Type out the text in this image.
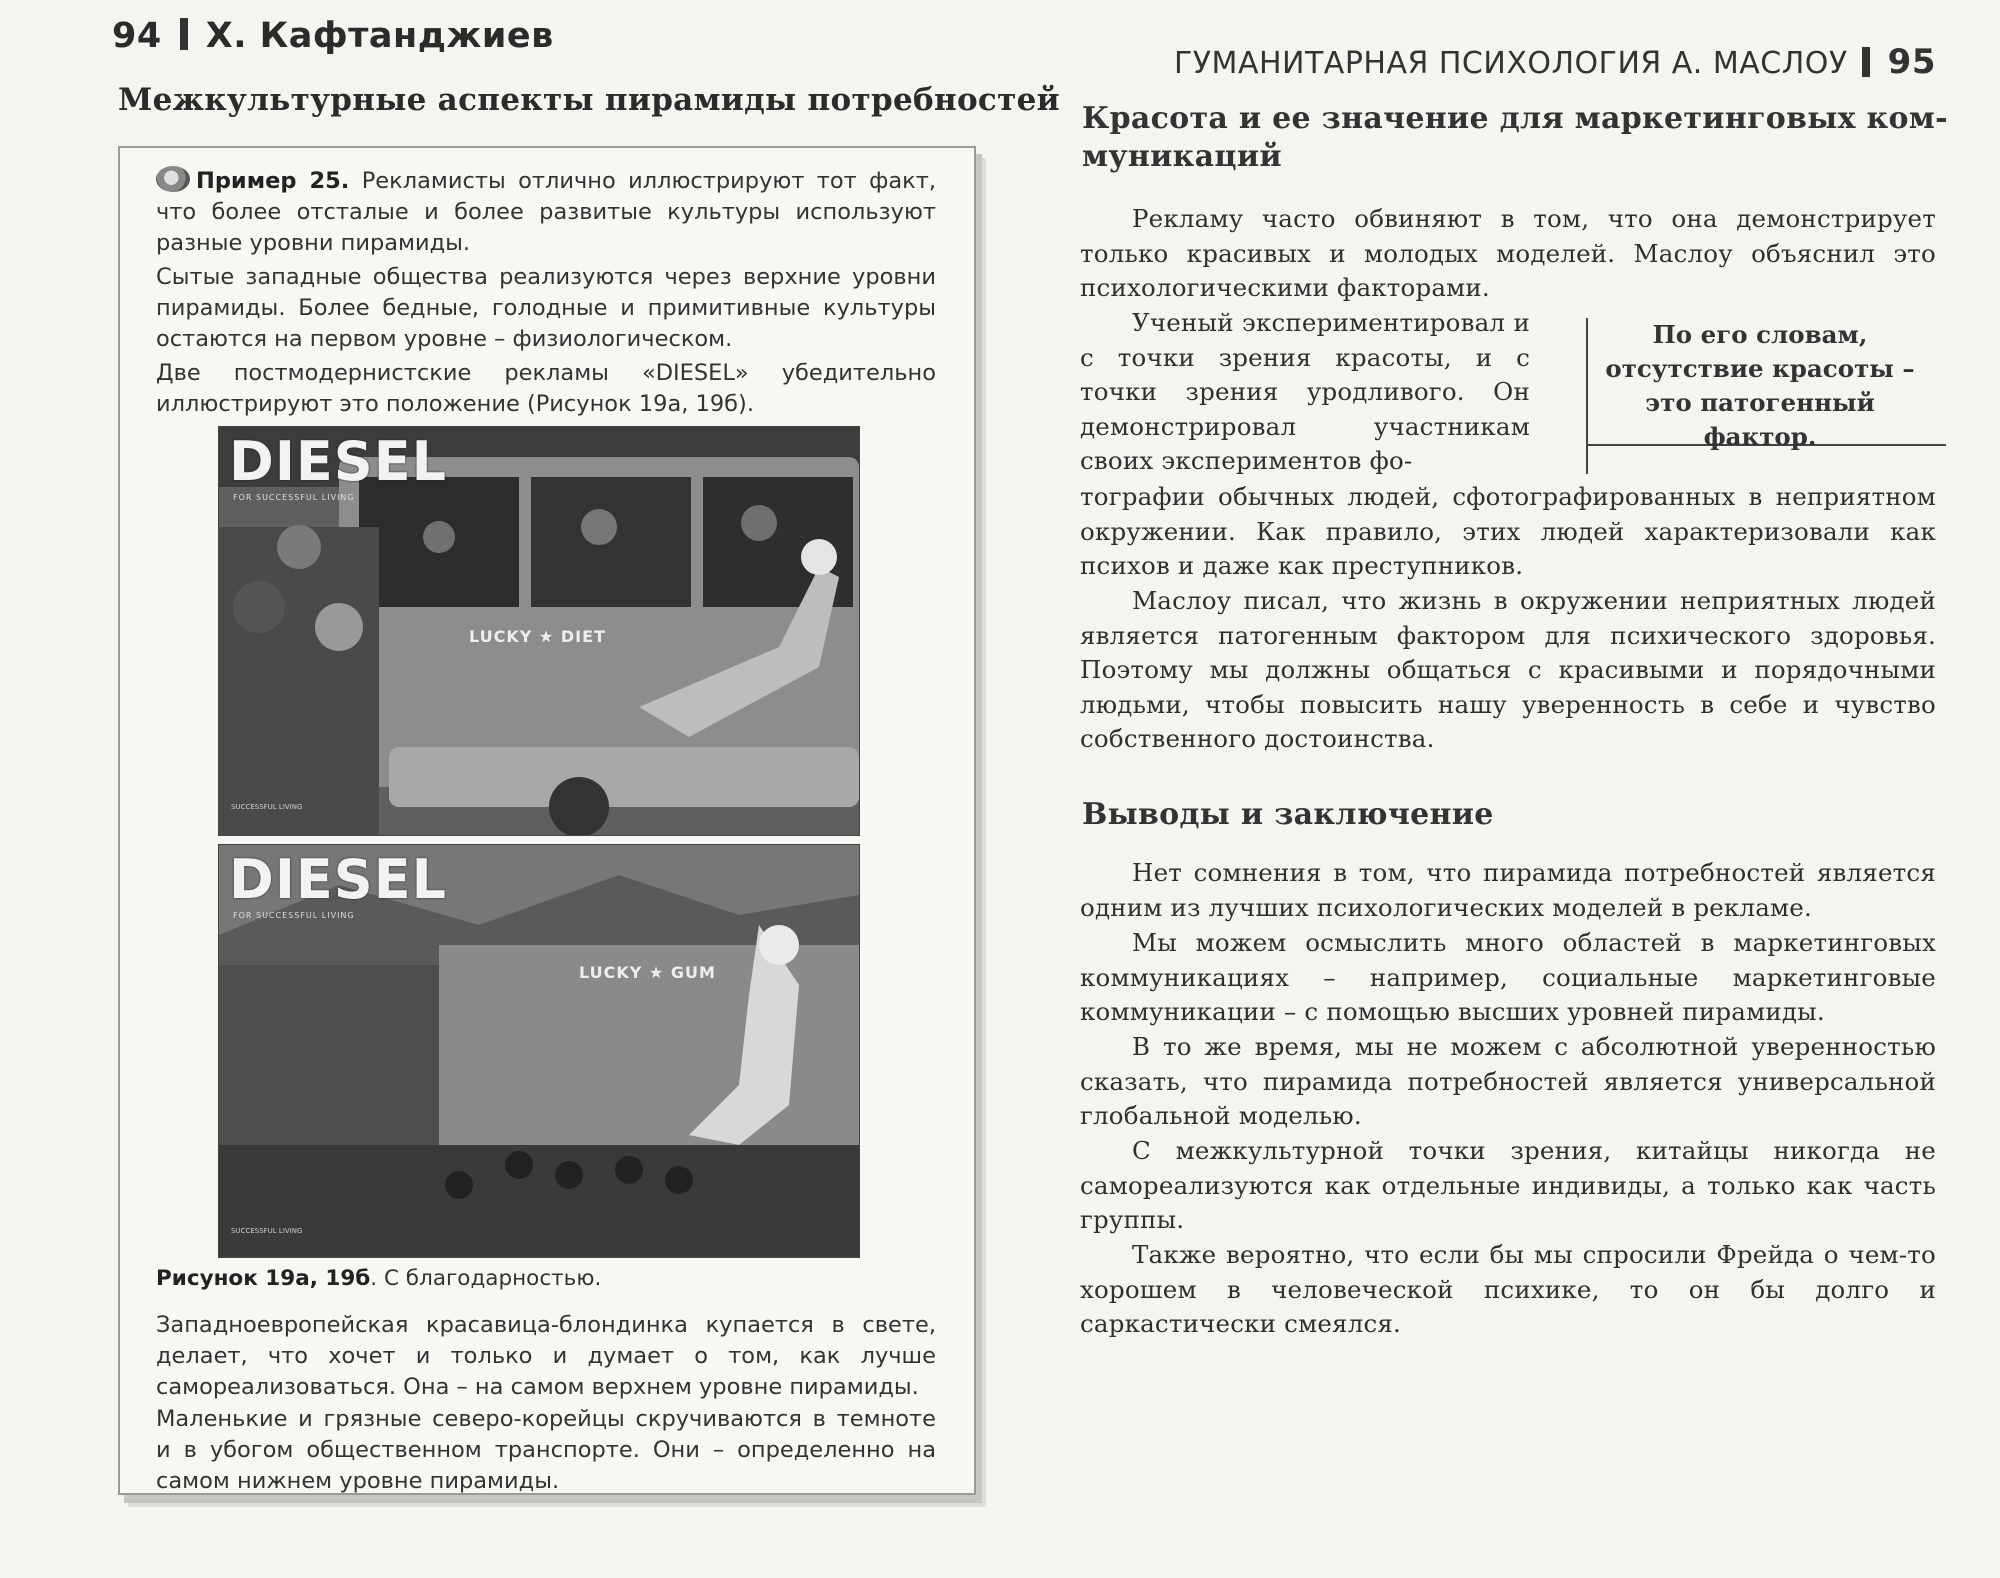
94 Х. Кафтанджиев
Межкультурные аспекты пирамиды потребностей
Пример 25. Рекламисты отлично иллюстрируют тот факт, что более отсталые и более развитые культуры используют разные уровни пирамиды.
Сытые западные общества реализуются через верхние уровни пирамиды. Более бедные, голодные и примитивные культуры остаются на первом уровне – физиологическом.
Две постмодернистские рекламы «DIESEL» убедительно иллюстрируют это положение (Рисунок 19а, 19б).
DIESEL
FOR SUCCESSFUL LIVING
LUCKY ★ DIET
SUCCESSFUL LIVING
DIESEL
FOR SUCCESSFUL LIVING
LUCKY ★ GUM
SUCCESSFUL LIVING
Рисунок 19а, 19б. С благодарностью.
Западноевропейская красавица-блондинка купается в свете, делает, что хочет и только и думает о том, как лучше самореализоваться. Она – на самом верхнем уровне пирамиды.
Маленькие и грязные северо-корейцы скручиваются в темноте и в убогом общественном транспорте. Они – определенно на самом нижнем уровне пирамиды.
ГУМАНИТАРНАЯ ПСИХОЛОГИЯ А. МАСЛОУ 95
Красота и ее значение для маркетинговых ком-
муникаций

Рекламу часто обвиняют в том, что она демонстрирует только красивых и молодых моделей. Маслоу объяснил это психологическими факторами.

Ученый экспериментировал и с точки зрения красоты, и с точки зрения уродливого. Он демонстрировал участникам своих экспериментов фо-

По его словам, отсутствие красоты – это патогенный фактор.

тографии обычных людей, сфотографированных в неприятном окружении. Как правило, этих людей характеризовали как психов и даже как преступников.

Маслоу писал, что жизнь в окружении неприятных людей является патогенным фактором для психического здоровья. Поэтому мы должны общаться с красивыми и порядочными людьми, чтобы повысить нашу уверенность в себе и чувство собственного достоинства.

Выводы и заключение

Нет сомнения в том, что пирамида потребностей является одним из лучших психологических моделей в рекламе.

Мы можем осмыслить много областей в маркетинговых коммуникациях – например, социальные маркетинговые коммуникации – с помощью высших уровней пирамиды.

В то же время, мы не можем с абсолютной уверенностью сказать, что пирамида потребностей является универсальной глобальной моделью.

С межкультурной точки зрения, китайцы никогда не самореализуются как отдельные индивиды, а только как часть группы.

Также вероятно, что если бы мы спросили Фрейда о чем-то хорошем в человеческой психике, то он бы долго и саркастически смеялся.
